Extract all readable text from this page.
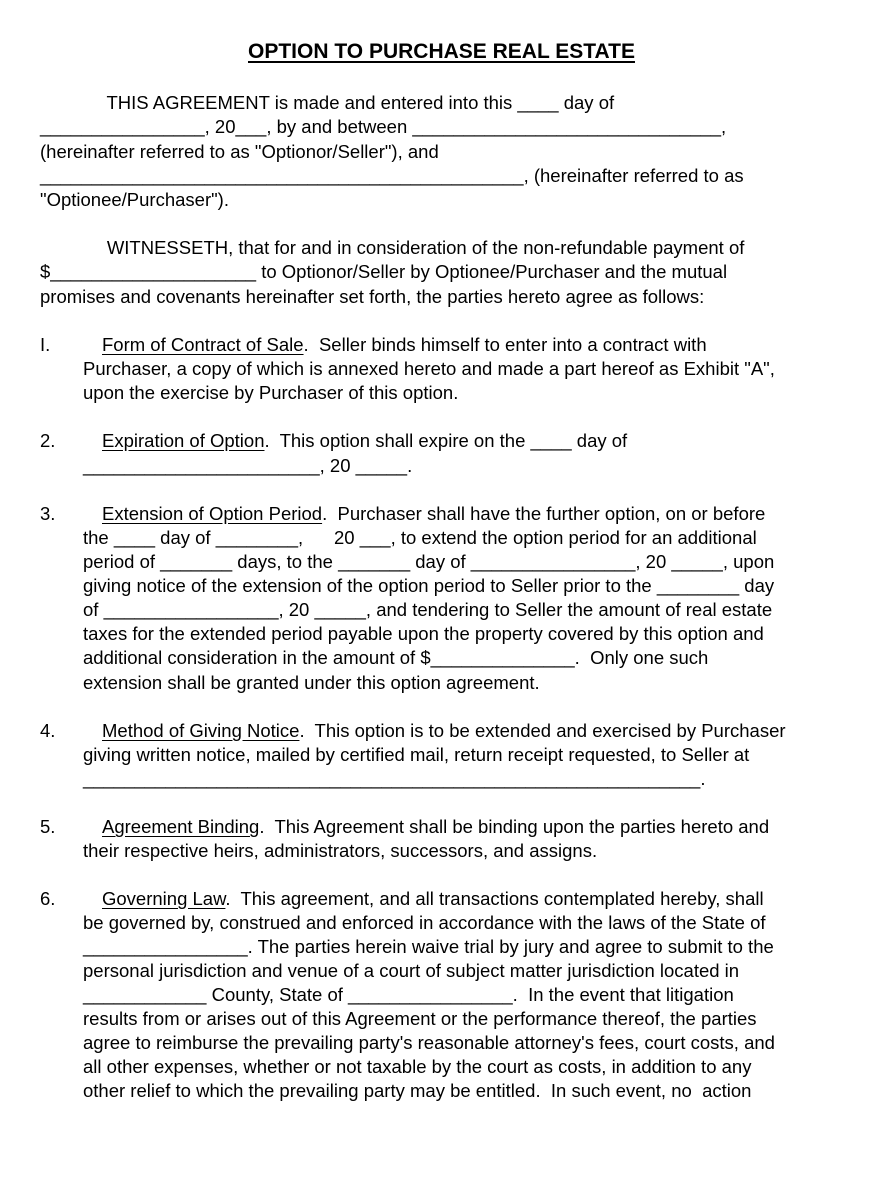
OPTION TO PURCHASE REAL ESTATE
THIS AGREEMENT is made and entered into this ____ day of
________________, 20___, by and between ______________________________,
(hereinafter referred to as "Optionor/Seller"), and
_______________________________________________, (hereinafter referred to as
"Optionee/Purchaser").
WITNESSETH, that for and in consideration of the non-refundable payment of
$____________________ to Optionor/Seller by Optionee/Purchaser and the mutual
promises and covenants hereinafter set forth, the parties hereto agree as follows:
I.	Form of Contract of Sale.  Seller binds himself to enter into a contract with
Purchaser, a copy of which is annexed hereto and made a part hereof as Exhibit "A",
upon the exercise by Purchaser of this option.
2.	Expiration of Option.  This option shall expire on the ____ day of
_______________________, 20 _____.
3.	Extension of Option Period.  Purchaser shall have the further option, on or before
the ____ day of ________,      20 ___, to extend the option period for an additional
period of _______ days, to the _______ day of ________________, 20 _____, upon
giving notice of the extension of the option period to Seller prior to the ________ day
of _________________, 20 _____, and tendering to Seller the amount of real estate
taxes for the extended period payable upon the property covered by this option and
additional consideration in the amount of $______________.  Only one such
extension shall be granted under this option agreement.
4.	Method of Giving Notice.  This option is to be extended and exercised by Purchaser
giving written notice, mailed by certified mail, return receipt requested, to Seller at
____________________________________________________________.
5.	Agreement Binding.  This Agreement shall be binding upon the parties hereto and
their respective heirs, administrators, successors, and assigns.
6.	Governing Law.  This agreement, and all transactions contemplated hereby, shall
be governed by, construed and enforced in accordance with the laws of the State of
________________. The parties herein waive trial by jury and agree to submit to the
personal jurisdiction and venue of a court of subject matter jurisdiction located in
____________ County, State of ________________.  In the event that litigation
results from or arises out of this Agreement or the performance thereof, the parties
agree to reimburse the prevailing party's reasonable attorney's fees, court costs, and
all other expenses, whether or not taxable by the court as costs, in addition to any
other relief to which the prevailing party may be entitled.  In such event, no  action
